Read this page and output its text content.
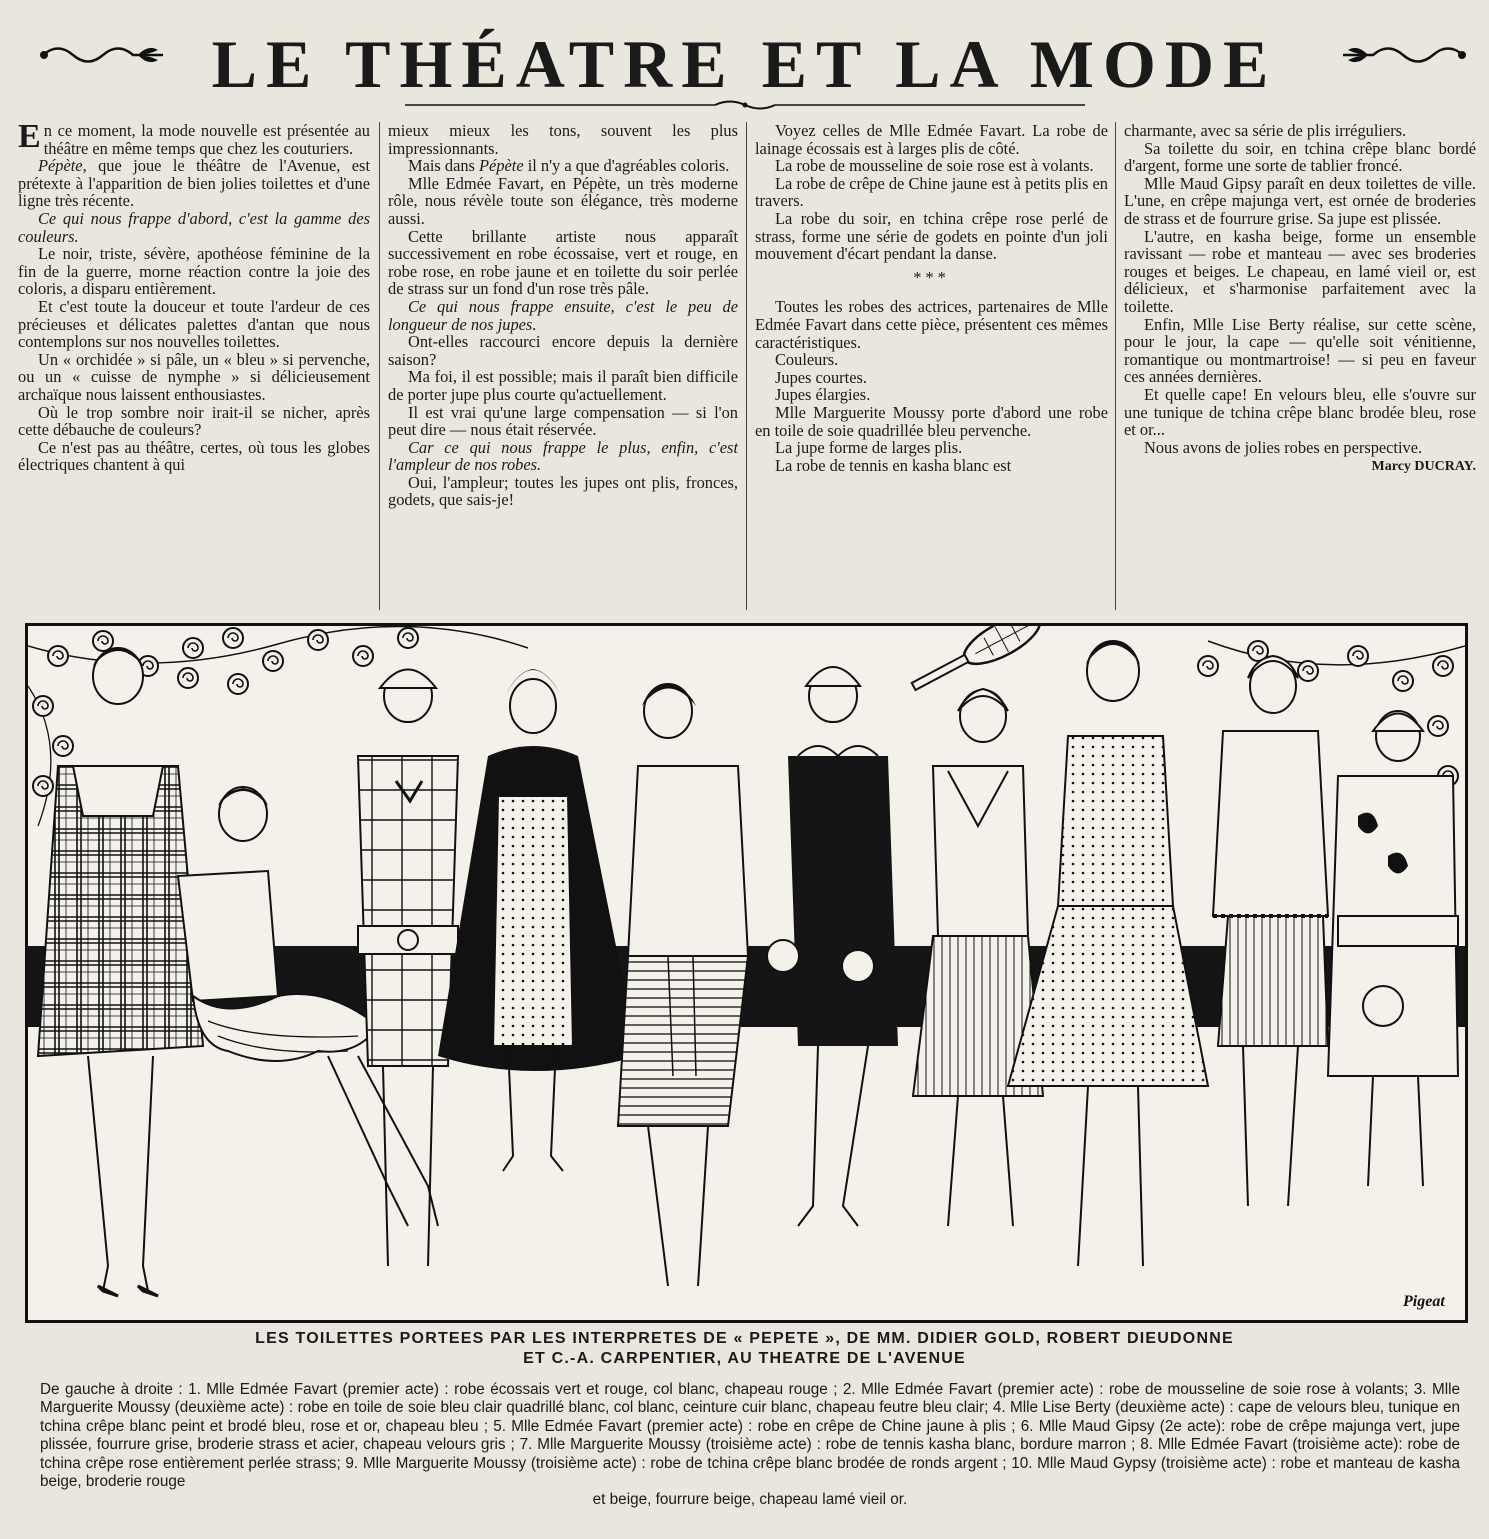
LE THÉATRE ET LA MODE

En ce moment, la mode nouvelle est présentée au théâtre en même temps que chez les couturiers.

Pépète, que joue le théâtre de l'Avenue, est prétexte à l'apparition de bien jolies toilettes et d'une ligne très récente.

Ce qui nous frappe d'abord, c'est la gamme des couleurs.

Le noir, triste, sévère, apothéose féminine de la fin de la guerre, morne réaction contre la joie des coloris, a disparu entièrement.

Et c'est toute la douceur et toute l'ardeur de ces précieuses et délicates palettes d'antan que nous contemplons sur nos nouvelles toilettes.

Un « orchidée » si pâle, un « bleu » si pervenche, ou un « cuisse de nymphe » si délicieusement archaïque nous laissent enthousiastes.

Où le trop sombre noir irait-il se nicher, après cette débauche de couleurs?

Ce n'est pas au théâtre, certes, où tous les globes électriques chantent à qui

mieux mieux les tons, souvent les plus impressionnants.

Mais dans Pépète il n'y a que d'agréables coloris.

Mlle Edmée Favart, en Pépète, un très moderne rôle, nous révèle toute son élégance, très moderne aussi.

Cette brillante artiste nous apparaît successivement en robe écossaise, vert et rouge, en robe rose, en robe jaune et en toilette du soir perlée de strass sur un fond d'un rose très pâle.

Ce qui nous frappe ensuite, c'est le peu de longueur de nos jupes.

Ont-elles raccourci encore depuis la dernière saison?

Ma foi, il est possible; mais il paraît bien difficile de porter jupe plus courte qu'actuellement.

Il est vrai qu'une large compensation — si l'on peut dire — nous était réservée.

Car ce qui nous frappe le plus, enfin, c'est l'ampleur de nos robes.

Oui, l'ampleur; toutes les jupes ont plis, fronces, godets, que sais-je!

Voyez celles de Mlle Edmée Favart. La robe de lainage écossais est à larges plis de côté.

La robe de mousseline de soie rose est à volants.

La robe de crêpe de Chine jaune est à petits plis en travers.

La robe du soir, en tchina crêpe rose perlé de strass, forme une série de godets en pointe d'un joli mouvement d'écart pendant la danse.

***

Toutes les robes des actrices, partenaires de Mlle Edmée Favart dans cette pièce, présentent ces mêmes caractéristiques.

Couleurs.

Jupes courtes.

Jupes élargies.

Mlle Marguerite Moussy porte d'abord une robe en toile de soie quadrillée bleu pervenche.

La jupe forme de larges plis.

La robe de tennis en kasha blanc est

charmante, avec sa série de plis irréguliers.

Sa toilette du soir, en tchina crêpe blanc bordé d'argent, forme une sorte de tablier froncé.

Mlle Maud Gipsy paraît en deux toilettes de ville. L'une, en crêpe majunga vert, est ornée de broderies de strass et de fourrure grise. Sa jupe est plissée.

L'autre, en kasha beige, forme un ensemble ravissant — robe et manteau — avec ses broderies rouges et beiges. Le chapeau, en lamé vieil or, est délicieux, et s'harmonise parfaitement avec la toilette.

Enfin, Mlle Lise Berty réalise, sur cette scène, pour le jour, la cape — qu'elle soit vénitienne, romantique ou montmartroise! — si peu en faveur ces années dernières.

Et quelle cape! En velours bleu, elle s'ouvre sur une tunique de tchina crêpe blanc brodée bleu, rose et or...

Nous avons de jolies robes en perspective.

Marcy DUCRAY.

Pigeat
LES TOILETTES PORTEES PAR LES INTERPRETES DE « PEPETE », DE MM. DIDIER GOLD, ROBERT DIEUDONNE
ET C.-A. CARPENTIER, AU THEATRE DE L'AVENUE
De gauche à droite : 1. Mlle Edmée Favart (premier acte) : robe écossais vert et rouge, col blanc, chapeau rouge ; 2. Mlle Edmée Favart (premier acte) : robe de mousseline de soie rose à volants; 3. Mlle Marguerite Moussy (deuxième acte) : robe en toile de soie bleu clair quadrillé blanc, col blanc, ceinture cuir blanc, chapeau feutre bleu clair; 4. Mlle Lise Berty (deuxième acte) : cape de velours bleu, tunique en tchina crêpe blanc peint et brodé bleu, rose et or, chapeau bleu ; 5. Mlle Edmée Favart (premier acte) : robe en crêpe de Chine jaune à plis ; 6. Mlle Maud Gipsy (2e acte): robe de crêpe majunga vert, jupe plissée, fourrure grise, broderie strass et acier, chapeau velours gris ; 7. Mlle Marguerite Moussy (troisième acte) : robe de tennis kasha blanc, bordure marron ; 8. Mlle Edmée Favart (troisième acte): robe de tchina crêpe rose entièrement perlée strass; 9. Mlle Marguerite Moussy (troisième acte) : robe de tchina crêpe blanc brodée de ronds argent ; 10. Mlle Maud Gypsy (troisième acte) : robe et manteau de kasha beige, broderie rouge
et beige, fourrure beige, chapeau lamé vieil or.
